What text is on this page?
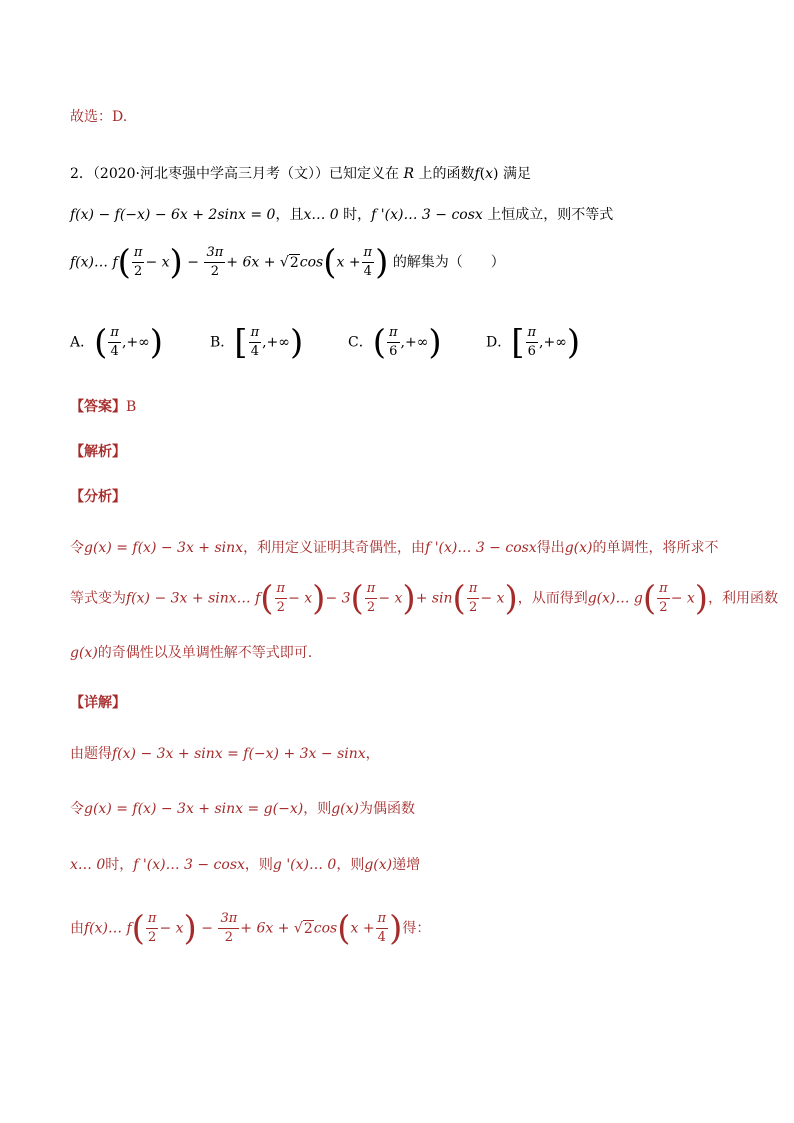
故选：D.
2．（2020·河北枣强中学高三月考（文））已知定义在 R 上的函数f(x) 满足
f(x) − f(−x) − 6x + 2sinx = 0，且x… 0 时，f '(x)… 3 − cosx 上恒成立，则不等式
f(x)… $f( \frac{\pi}{2} - x) - \frac{3\pi}{2} + 6x + √2\cos(x + \frac{\pi}{4}$ ) 的解集为（　　）
A．( $\frac{\pi}{4}$ ,+∞)	B．[ $\frac{\pi}{4}$ ,+∞)	C．( $\frac{\pi}{6}$ ,+∞)	D．[ $\frac{\pi}{6}$ ,+∞)
【答案】B
【解析】
【分析】
令g(x) = f(x) − 3x + sinx，利用定义证明其奇偶性，由f '(x)… 3 − cosx得出g(x)的单调性，将所求不
等式变为f(x) − 3x + sinx… $f( \frac{\pi}{2} - x)- 3( \frac{\pi}{2} - x)+ \sin( \frac{\pi}{2} - x)$，从而得到g(x)… $g( \frac{\pi}{2} - x)$，利用函数
g(x)的奇偶性以及单调性解不等式即可.
【详解】
由题得f(x) − 3x + sinx = f(−x) + 3x − sinx，
令g(x) = f(x) − 3x + sinx = g(−x)，则g(x)为偶函数
x… 0时，f '(x)… 3 − cosx，则g '(x)… 0，则g(x)递增
由f(x)… $f( \frac{\pi}{2} - x) - \frac{3\pi}{2} + 6x + √2\cos(x + \frac{\pi}{4}$ )得：
